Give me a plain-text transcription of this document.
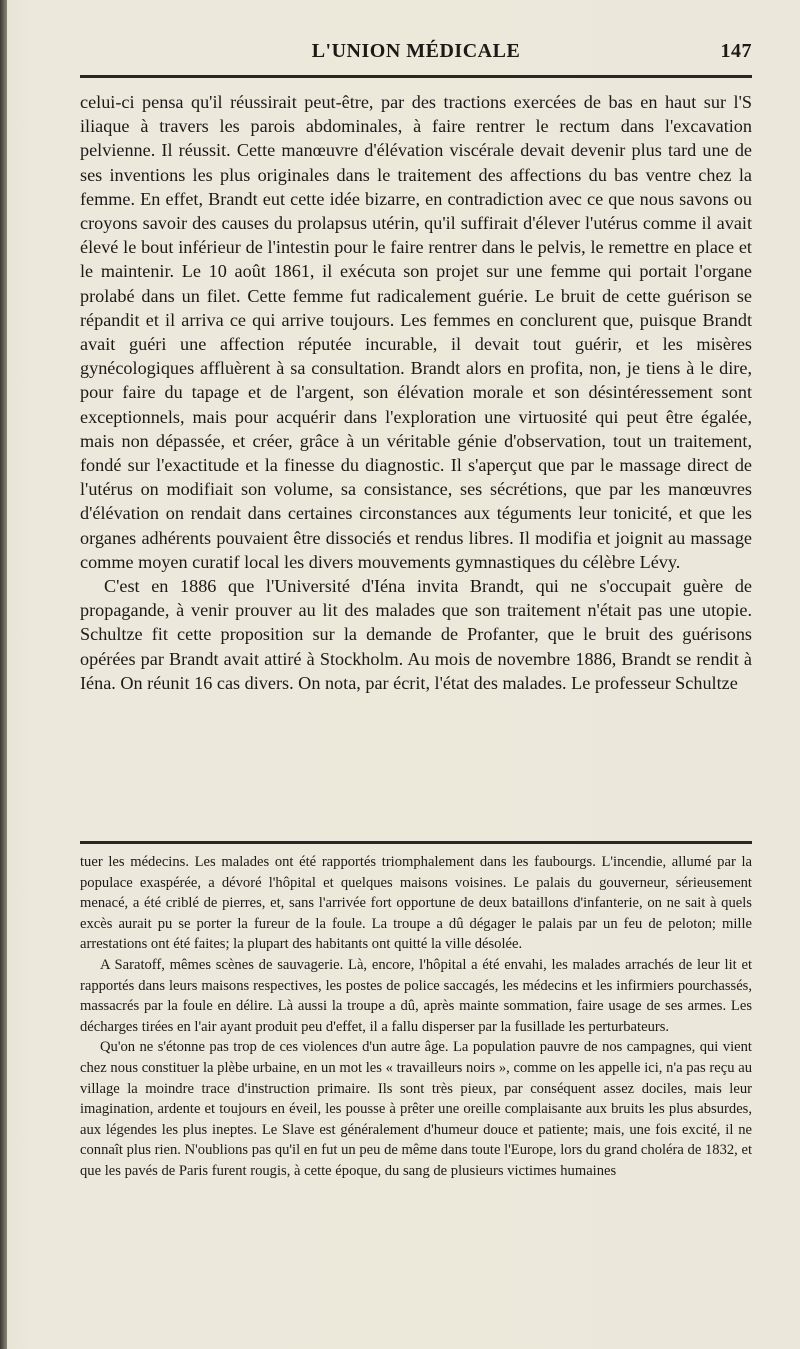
L'UNION MÉDICALE	147

celui-ci pensa qu'il réussirait peut-être, par des tractions exercées de bas en haut sur l'S iliaque à travers les parois abdominales, à faire rentrer le rectum dans l'excavation pelvienne. Il réussit. Cette manœuvre d'élévation viscérale devait devenir plus tard une de ses inventions les plus originales dans le traitement des affections du bas ventre chez la femme. En effet, Brandt eut cette idée bizarre, en contradiction avec ce que nous savons ou croyons savoir des causes du prolapsus utérin, qu'il suffirait d'élever l'utérus comme il avait élevé le bout inférieur de l'intestin pour le faire rentrer dans le pelvis, le remettre en place et le maintenir. Le 10 août 1861, il exécuta son projet sur une femme qui portait l'organe prolabé dans un filet. Cette femme fut radicalement guérie. Le bruit de cette guérison se répandit et il arriva ce qui arrive toujours. Les femmes en conclurent que, puisque Brandt avait guéri une affection réputée incurable, il devait tout guérir, et les misères gynécologiques affluèrent à sa consultation. Brandt alors en profita, non, je tiens à le dire, pour faire du tapage et de l'argent, son élévation morale et son désintéressement sont exceptionnels, mais pour acquérir dans l'exploration une virtuosité qui peut être égalée, mais non dépassée, et créer, grâce à un véritable génie d'observation, tout un traitement, fondé sur l'exactitude et la finesse du diagnostic. Il s'aperçut que par le massage direct de l'utérus on modifiait son volume, sa consistance, ses sécrétions, que par les manœuvres d'élévation on rendait dans certaines circonstances aux téguments leur tonicité, et que les organes adhérents pouvaient être dissociés et rendus libres. Il modifia et joignit au massage comme moyen curatif local les divers mouvements gymnastiques du célèbre Lévy.

C'est en 1886 que l'Université d'Iéna invita Brandt, qui ne s'occupait guère de propagande, à venir prouver au lit des malades que son traitement n'était pas une utopie. Schultze fit cette proposition sur la demande de Profanter, que le bruit des guérisons opérées par Brandt avait attiré à Stockholm. Au mois de novembre 1886, Brandt se rendit à Iéna. On réunit 16 cas divers. On nota, par écrit, l'état des malades. Le professeur Schultze

tuer les médecins. Les malades ont été rapportés triomphalement dans les faubourgs. L'incendie, allumé par la populace exaspérée, a dévoré l'hôpital et quelques maisons voisines. Le palais du gouverneur, sérieusement menacé, a été criblé de pierres, et, sans l'arrivée fort opportune de deux bataillons d'infanterie, on ne sait à quels excès aurait pu se porter la fureur de la foule. La troupe a dû dégager le palais par un feu de peloton; mille arrestations ont été faites; la plupart des habitants ont quitté la ville désolée.

A Saratoff, mêmes scènes de sauvagerie. Là, encore, l'hôpital a été envahi, les malades arrachés de leur lit et rapportés dans leurs maisons respectives, les postes de police saccagés, les médecins et les infirmiers pourchassés, massacrés par la foule en délire. Là aussi la troupe a dû, après mainte sommation, faire usage de ses armes. Les décharges tirées en l'air ayant produit peu d'effet, il a fallu disperser par la fusillade les perturbateurs.

Qu'on ne s'étonne pas trop de ces violences d'un autre âge. La population pauvre de nos campagnes, qui vient chez nous constituer la plèbe urbaine, en un mot les « travailleurs noirs », comme on les appelle ici, n'a pas reçu au village la moindre trace d'instruction primaire. Ils sont très pieux, par conséquent assez dociles, mais leur imagination, ardente et toujours en éveil, les pousse à prêter une oreille complaisante aux bruits les plus absurdes, aux légendes les plus ineptes. Le Slave est généralement d'humeur douce et patiente; mais, une fois excité, il ne connaît plus rien. N'oublions pas qu'il en fut un peu de même dans toute l'Europe, lors du grand choléra de 1832, et que les pavés de Paris furent rougis, à cette époque, du sang de plusieurs victimes humaines
